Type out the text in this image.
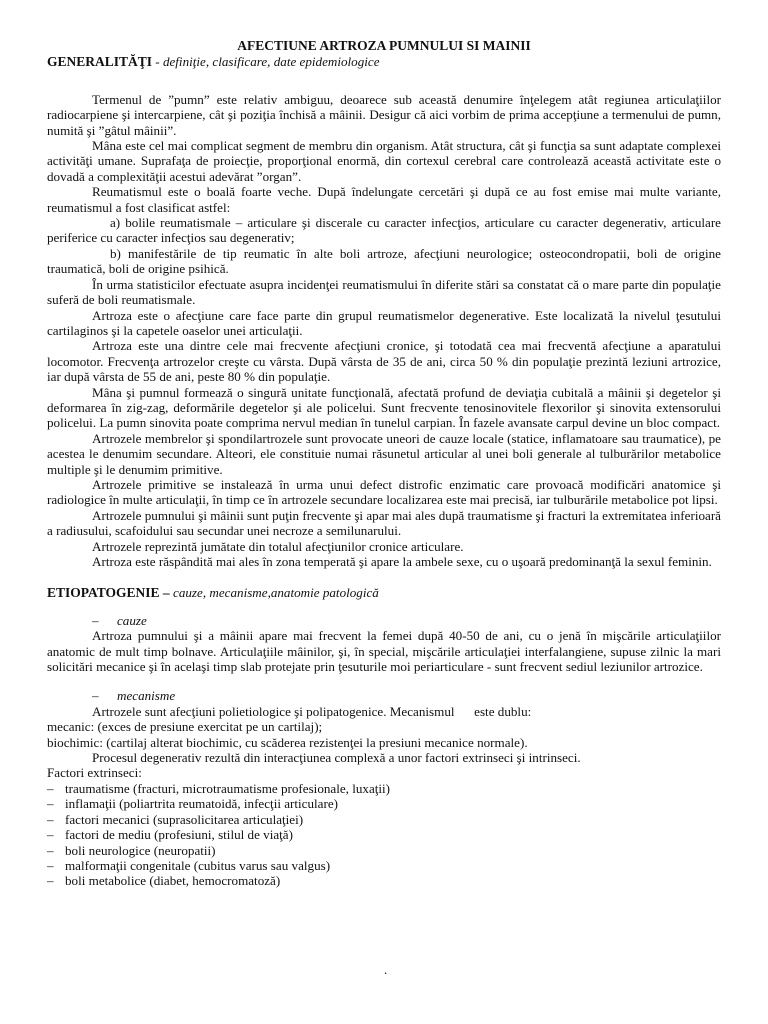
AFECTIUNE ARTROZA PUMNULUI SI MAINII
GENERALITĂŢI - definiţie, clasificare, date epidemiologice

Termenul de ”pumn” este relativ ambiguu, deoarece sub această denumire înţelegem atât regiunea articulaţiilor radiocarpiene şi intercarpiene, cât şi poziţia închisă a mâinii. Desigur că aici vorbim de prima accepţiune a termenului de pumn, numită şi ”gâtul mâinii”.

Mâna este cel mai complicat segment de membru din organism. Atât structura, cât şi funcţia sa sunt adaptate complexei activităţi umane. Suprafaţa de proiecţie, proporţional enormă, din cortexul cerebral care controlează această activitate este o dovadă a complexităţii acestui adevărat ”organ”.

Reumatismul este o boală foarte veche. După îndelungate cercetări şi după ce au fost emise mai multe variante, reumatismul a fost clasificat astfel:

a) bolile reumatismale – articulare şi discerale cu caracter infecţios, articulare cu caracter degenerativ, articulare periferice cu caracter infecţios sau degenerativ;

b) manifestările de tip reumatic în alte boli artroze, afecţiuni neurologice; osteocondropatii, boli de origine traumatică, boli de origine psihică.

În urma statisticilor efectuate asupra incidenţei reumatismului în diferite stări sa constatat că o mare parte din populaţie suferă de boli reumatismale.

Artroza este o afecţiune care face parte din grupul reumatismelor degenerative. Este localizată la nivelul ţesutului cartilaginos şi la capetele oaselor unei articulaţii.

Artroza este una dintre cele mai frecvente afecţiuni cronice, şi totodată cea mai frecventă afecţiune a aparatului locomotor. Frecvenţa artrozelor creşte cu vârsta. După vârsta de 35 de ani, circa 50 % din populaţie prezintă leziuni artrozice, iar după vârsta de 55 de ani, peste 80 % din populaţie.

Mâna şi pumnul formează o singură unitate funcţională, afectată profund de deviaţia cubitală a mâinii şi degetelor şi deformarea în zig-zag, deformările degetelor şi ale policelui. Sunt frecvente tenosinovitele flexorilor şi sinovita extensorului policelui. La pumn sinovita poate comprima nervul median în tunelul carpian. În fazele avansate carpul devine un bloc compact.

Artrozele membrelor şi spondilartrozele sunt provocate uneori de cauze locale (statice, inflamatoare sau traumatice), pe acestea le denumim secundare. Alteori, ele constituie numai răsunetul articular al unei boli generale al tulburărilor metabolice multiple şi le denumim primitive.

Artrozele primitive se instalează în urma unui defect distrofic enzimatic care provoacă modificări anatomice şi radiologice în multe articulaţii, în timp ce în artrozele secundare localizarea este mai precisă, iar tulburările metabolice pot lipsi.

Artrozele pumnului şi mâinii sunt puţin frecvente şi apar mai ales după traumatisme şi fracturi la extremitatea inferioară a radiusului, scafoidului sau secundar unei necroze a semilunarului.

Artrozele reprezintă jumătate din totalul afecţiunilor cronice articulare.

Artroza este răspândită mai ales în zona temperată şi apare la ambele sexe, cu o uşoară predominanţă la sexul feminin.

ETIOPATOGENIE – cauze, mecanisme,anatomie patologică
– cauze

Artroza pumnului şi a mâinii apare mai frecvent la femei după 40-50 de ani, cu o jenă în mişcările articulaţiilor anatomic de mult timp bolnave. Articulaţiile mâinilor, şi, în special, mişcările articulaţiei interfalangiene, supuse zilnic la mari solicitări mecanice şi în acelaşi timp slab protejate prin ţesuturile moi periarticulare - sunt frecvent sediul leziunilor artrozice.

– mecanisme

Artrozele sunt afecţiuni polietiologice şi polipatogenice. Mecanismul      este dublu:

mecanic: (exces de presiune exercitat pe un cartilaj);

biochimic: (cartilaj alterat biochimic, cu scăderea rezistenţei la presiuni mecanice normale).

Procesul degenerativ rezultă din interacţiunea complexă a unor factori extrinseci şi intrinseci.

Factori extrinseci:

– traumatisme (fracturi, microtraumatisme profesionale, luxaţii)
– inflamaţii (poliartrita reumatoidă, infecţii articulare)
– factori mecanici (suprasolicitarea articulaţiei)
– factori de mediu (profesiuni, stilul de viaţă)
– boli neurologice (neuropatii)
– malformaţii congenitale (cubitus varus sau valgus)
– boli metabolice (diabet, hemocromatoză)
.
